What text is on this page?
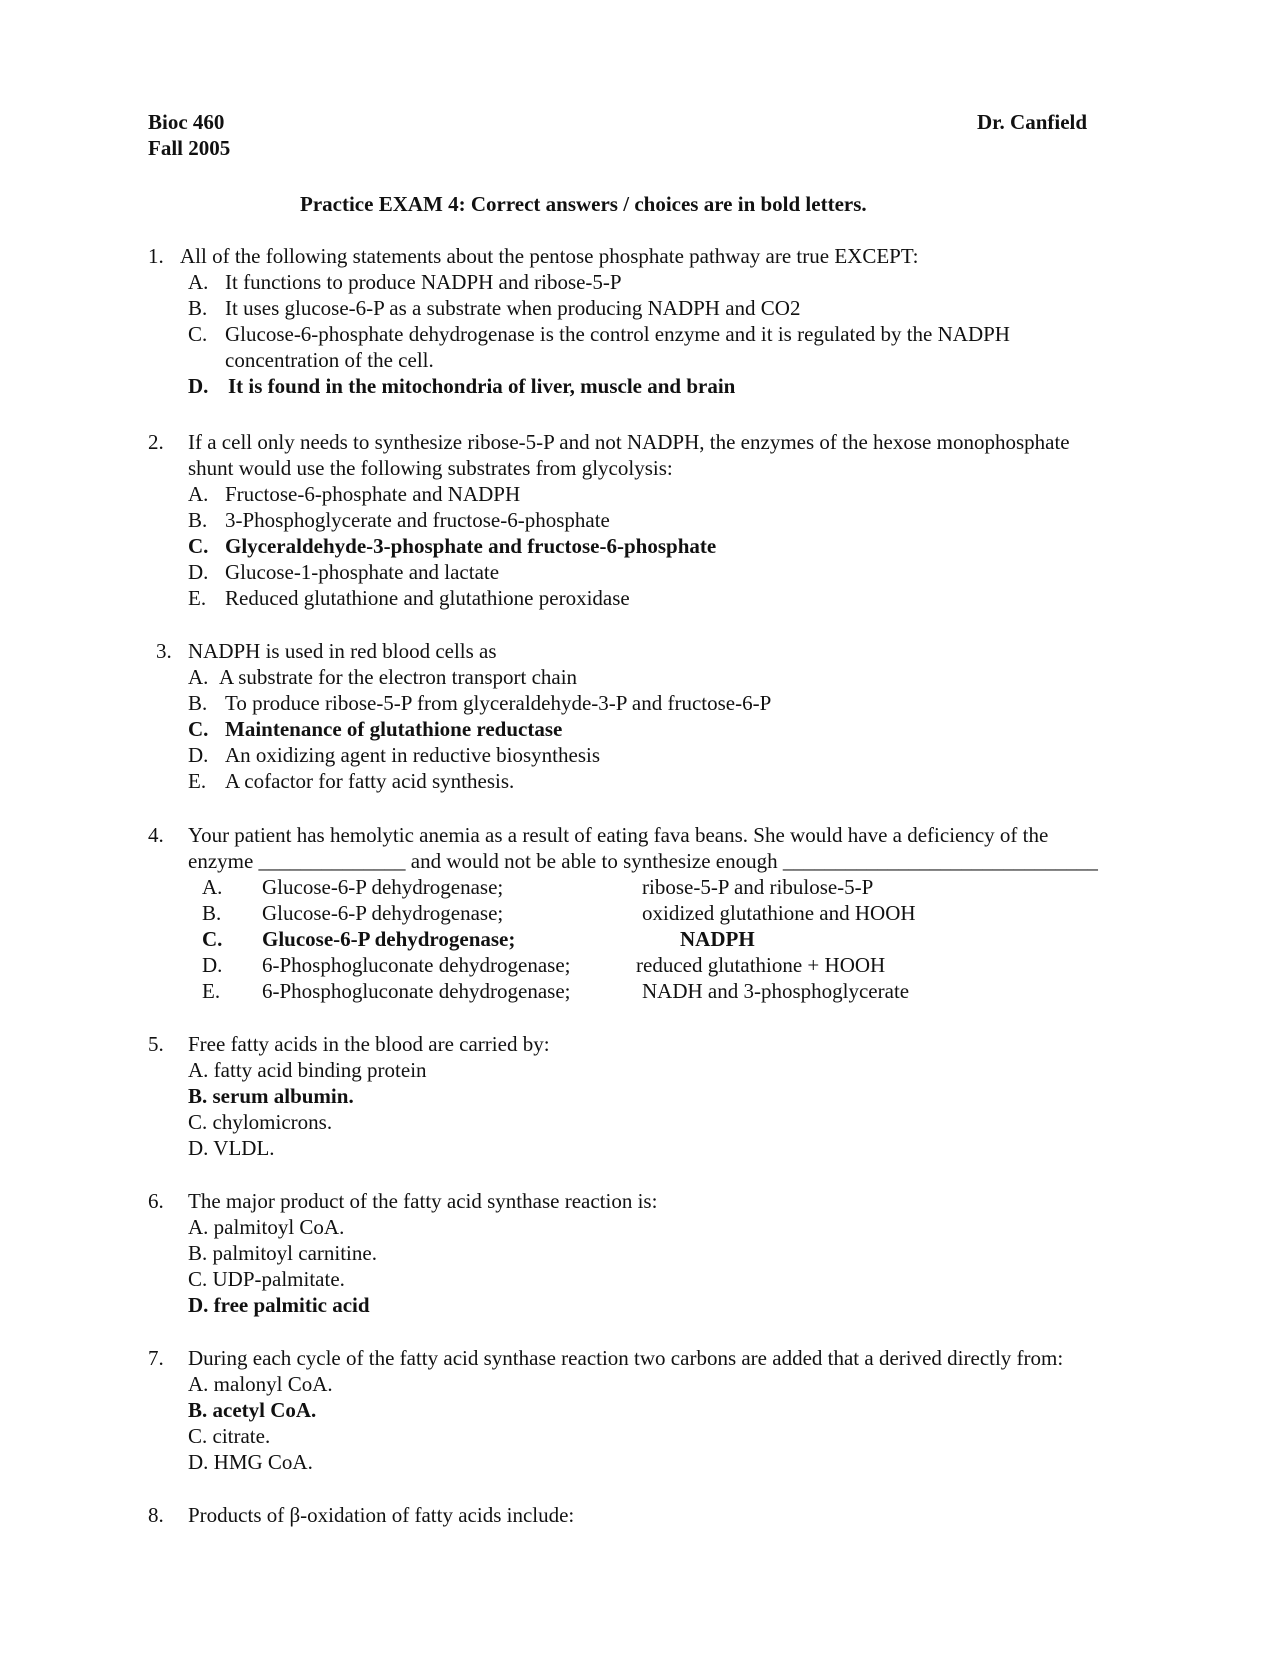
Bioc 460
Fall 2005
Dr. Canfield
Practice EXAM 4: Correct answers / choices are in bold letters.
1. All of the following statements about the pentose phosphate pathway are true EXCEPT:
A. It functions to produce NADPH and ribose-5-P
B. It uses glucose-6-P as a substrate when producing NADPH and CO2
C. Glucose-6-phosphate dehydrogenase is the control enzyme and it is regulated by the NADPH
concentration of the cell.
D. It is found in the mitochondria of liver, muscle and brain
2. If a cell only needs to synthesize ribose-5-P and not NADPH, the enzymes of the hexose monophosphate
shunt would use the following substrates from glycolysis:
A. Fructose-6-phosphate and NADPH
B. 3-Phosphoglycerate and fructose-6-phosphate
C. Glyceraldehyde-3-phosphate and fructose-6-phosphate
D. Glucose-1-phosphate and lactate
E. Reduced glutathione and glutathione peroxidase
3. NADPH is used in red blood cells as
A. A substrate for the electron transport chain
B. To produce ribose-5-P from glyceraldehyde-3-P and fructose-6-P
C. Maintenance of glutathione reductase
D. An oxidizing agent in reductive biosynthesis
E. A cofactor for fatty acid synthesis.
4. Your patient has hemolytic anemia as a result of eating fava beans. She would have a deficiency of the
enzyme ______________ and would not be able to synthesize enough ______________________________
A. Glucose-6-P dehydrogenase;	ribose-5-P and ribulose-5-P
B. Glucose-6-P dehydrogenase;	oxidized glutathione and HOOH
C. Glucose-6-P dehydrogenase;	NADPH
D. 6-Phosphogluconate dehydrogenase;	reduced glutathione + HOOH
E. 6-Phosphogluconate dehydrogenase;	NADH and 3-phosphoglycerate
5. Free fatty acids in the blood are carried by:
A. fatty acid binding protein
B. serum albumin.
C. chylomicrons.
D. VLDL.
6. The major product of the fatty acid synthase reaction is:
A. palmitoyl CoA.
B. palmitoyl carnitine.
C. UDP-palmitate.
D. free palmitic acid
7. During each cycle of the fatty acid synthase reaction two carbons are added that a derived directly from:
A. malonyl CoA.
B. acetyl CoA.
C. citrate.
D. HMG CoA.
8. Products of β-oxidation of fatty acids include:
